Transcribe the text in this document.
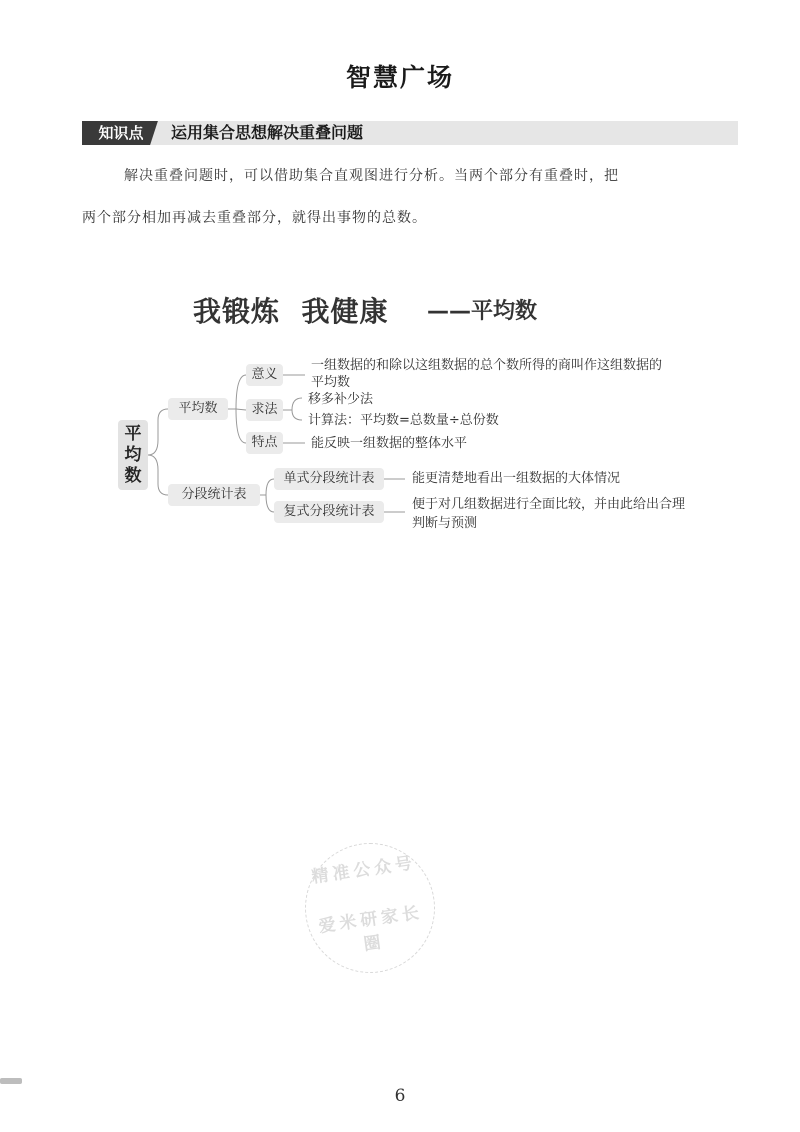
智慧广场
知识点	运用集合思想解决重叠问题
解决重叠问题时，可以借助集合直观图进行分析。当两个部分有重叠时，把
两个部分相加再减去重叠部分，就得出事物的总数。
我锻炼  我健康 ——平均数
平均数
平均数
意义
一组数据的和除以这组数据的总个数所得的商叫作这组数据的
平均数
求法
移多补少法
计算法：平均数=总数量÷总份数
特点	能反映一组数据的整体水平
分段统计表
单式分段统计表	能更清楚地看出一组数据的大体情况
复式分段统计表	便于对几组数据进行全面比较，并由此给出合理
判断与预测
精准公众号
爱米研家长圈
6
